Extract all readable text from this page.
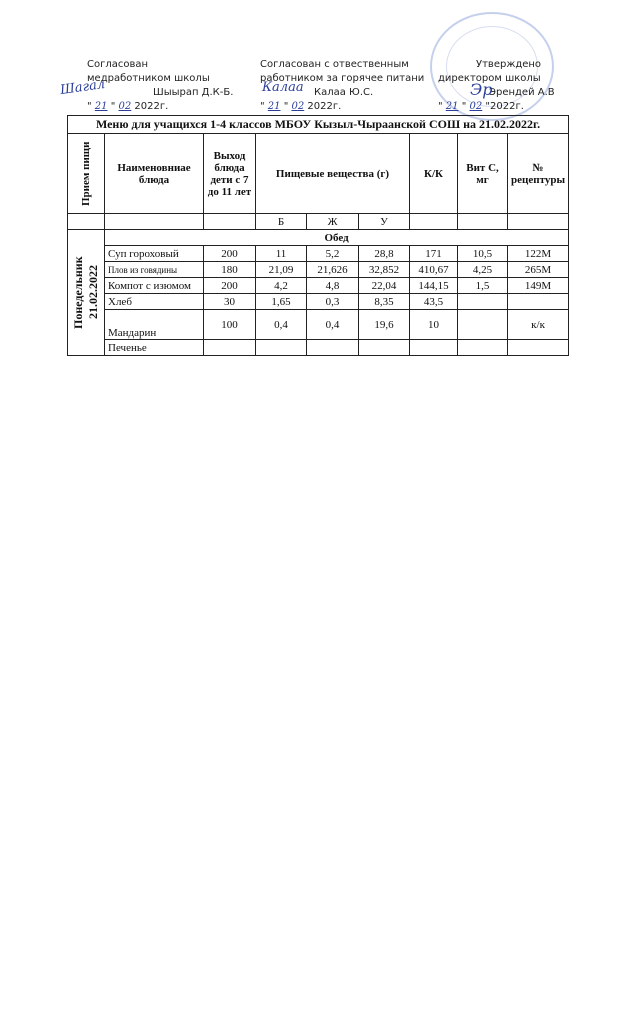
Согласован
медработником школы
Шыырап Д.К-Б.
" 21 " 02 2022г.
Согласован с отвественным
работником за горячее питани
Калаа Ю.С.
" 21 " 02 2022г.
Утверждено
директором школы
Эрендей А.В
" 21 " 02 "2022г.
Шагал	Калаа	Эр
Меню для учащихся 1-4 классов МБОУ Кызыл-Чыраанской СОШ на 21.02.2022г.								

Прием пищи	Наименовниае блюда	Выход блюда дети с 7 до 11 лет	Пищевые вещества (г)			К/К	Вит С, мг	№ рецептуры
			Б	Ж	У			

Понедельник 21.02.2022	Обед							
	Суп гороховый	200	11	5,2	28,8	171	10,5	122М
	Плов из говядины	180	21,09	21,626	32,852	410,67	4,25	265М
	Компот с изюмом	200	4,2	4,8	22,04	144,15	1,5	149М
	Хлеб	30	1,65	0,3	8,35	43,5		
	Мандарин	100	0,4	0,4	19,6	10		к/к
	Печенье							
